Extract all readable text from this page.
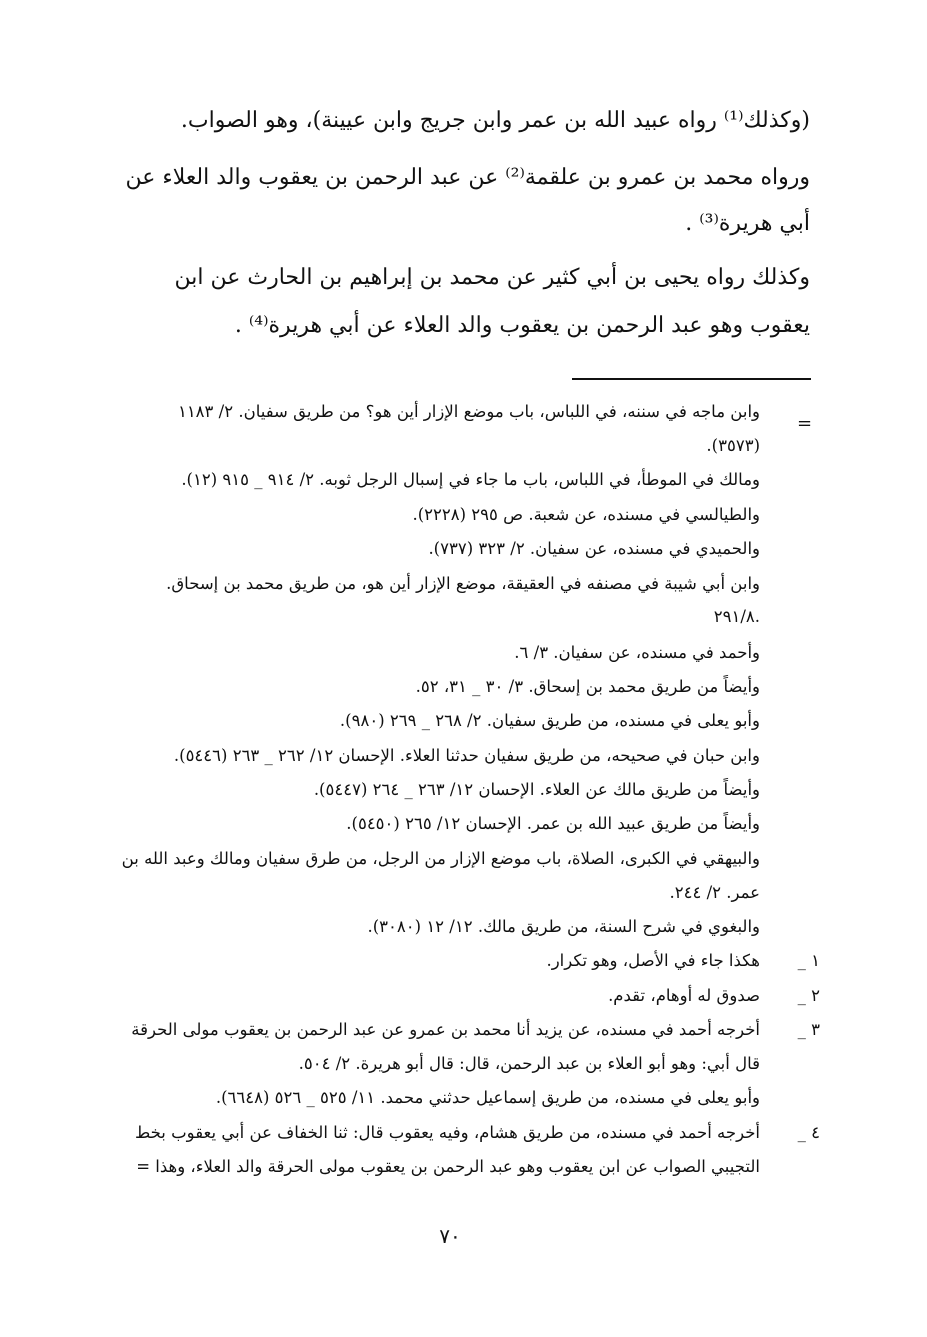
(وكذلك⁽¹⁾ رواه عبيد الله بن عمر وابن جريج وابن عيينة)، وهو الصواب.
ورواه محمد بن عمرو بن علقمة⁽²⁾ عن عبد الرحمن بن يعقوب والد العلاء عن
أبي هريرة⁽³⁾ .
وكذلك رواه يحيى بن أبي كثير عن محمد بن إبراهيم بن الحارث عن ابن
يعقوب وهو عبد الرحمن بن يعقوب والد العلاء عن أبي هريرة⁽⁴⁾ .
=
وابن ماجه في سننه، في اللباس، باب موضع الإزار أين هو؟ من طريق سفيان. ٢/ ١١٨٣
(٣٥٧٣).
ومالك في الموطأ، في اللباس، باب ما جاء في إسبال الرجل ثوبه. ٢/ ٩١٤ _ ٩١٥ (١٢).
والطيالسي في مسنده، عن شعبة. ص ٢٩٥ (٢٢٢٨).
والحميدي في مسنده، عن سفيان. ٢/ ٣٢٣ (٧٣٧).
وابن أبي شيبة في مصنفه في العقيقة، موضع الإزار أين هو، من طريق محمد بن إسحاق.
.٢٩١/٨
وأحمد في مسنده، عن سفيان. ٣/ ٦.
وأيضاً من طريق محمد بن إسحاق. ٣/ ٣٠ _ ٣١، ٥٢.
وأبو يعلى في مسنده، من طريق سفيان. ٢/ ٢٦٨ _ ٢٦٩ (٩٨٠).
وابن حبان في صحيحه، من طريق سفيان حدثنا العلاء. الإحسان ١٢/ ٢٦٢ _ ٢٦٣ (٥٤٤٦).
وأيضاً من طريق مالك عن العلاء. الإحسان ١٢/ ٢٦٣ _ ٢٦٤ (٥٤٤٧).
وأيضاً من طريق عبيد الله بن عمر. الإحسان ١٢/ ٢٦٥ (٥٤٥٠).
والبيهقي في الكبرى، الصلاة، باب موضع الإزار من الرجل، من طرق سفيان ومالك وعبد الله بن
عمر. ٢/ ٢٤٤.
والبغوي في شرح السنة، من طريق مالك. ١٢/ ١٢ (٣٠٨٠).
١ _
هكذا جاء في الأصل، وهو تكرار.
٢ _
صدوق له أوهام، تقدم.
٣ _
أخرجه أحمد في مسنده، عن يزيد أنا محمد بن عمرو عن عبد الرحمن بن يعقوب مولى الحرقة
قال أبي: وهو أبو العلاء بن عبد الرحمن، قال: قال أبو هريرة. ٢/ ٥٠٤.
وأبو يعلى في مسنده، من طريق إسماعيل حدثني محمد. ١١/ ٥٢٥ _ ٥٢٦ (٦٦٤٨).
٤ _
أخرجه أحمد في مسنده، من طريق هشام، وفيه يعقوب قال: ثنا الخفاف عن أبي يعقوب بخط
التجيبي الصواب عن ابن يعقوب وهو عبد الرحمن بن يعقوب مولى الحرقة والد العلاء، وهذا =
٧٠
